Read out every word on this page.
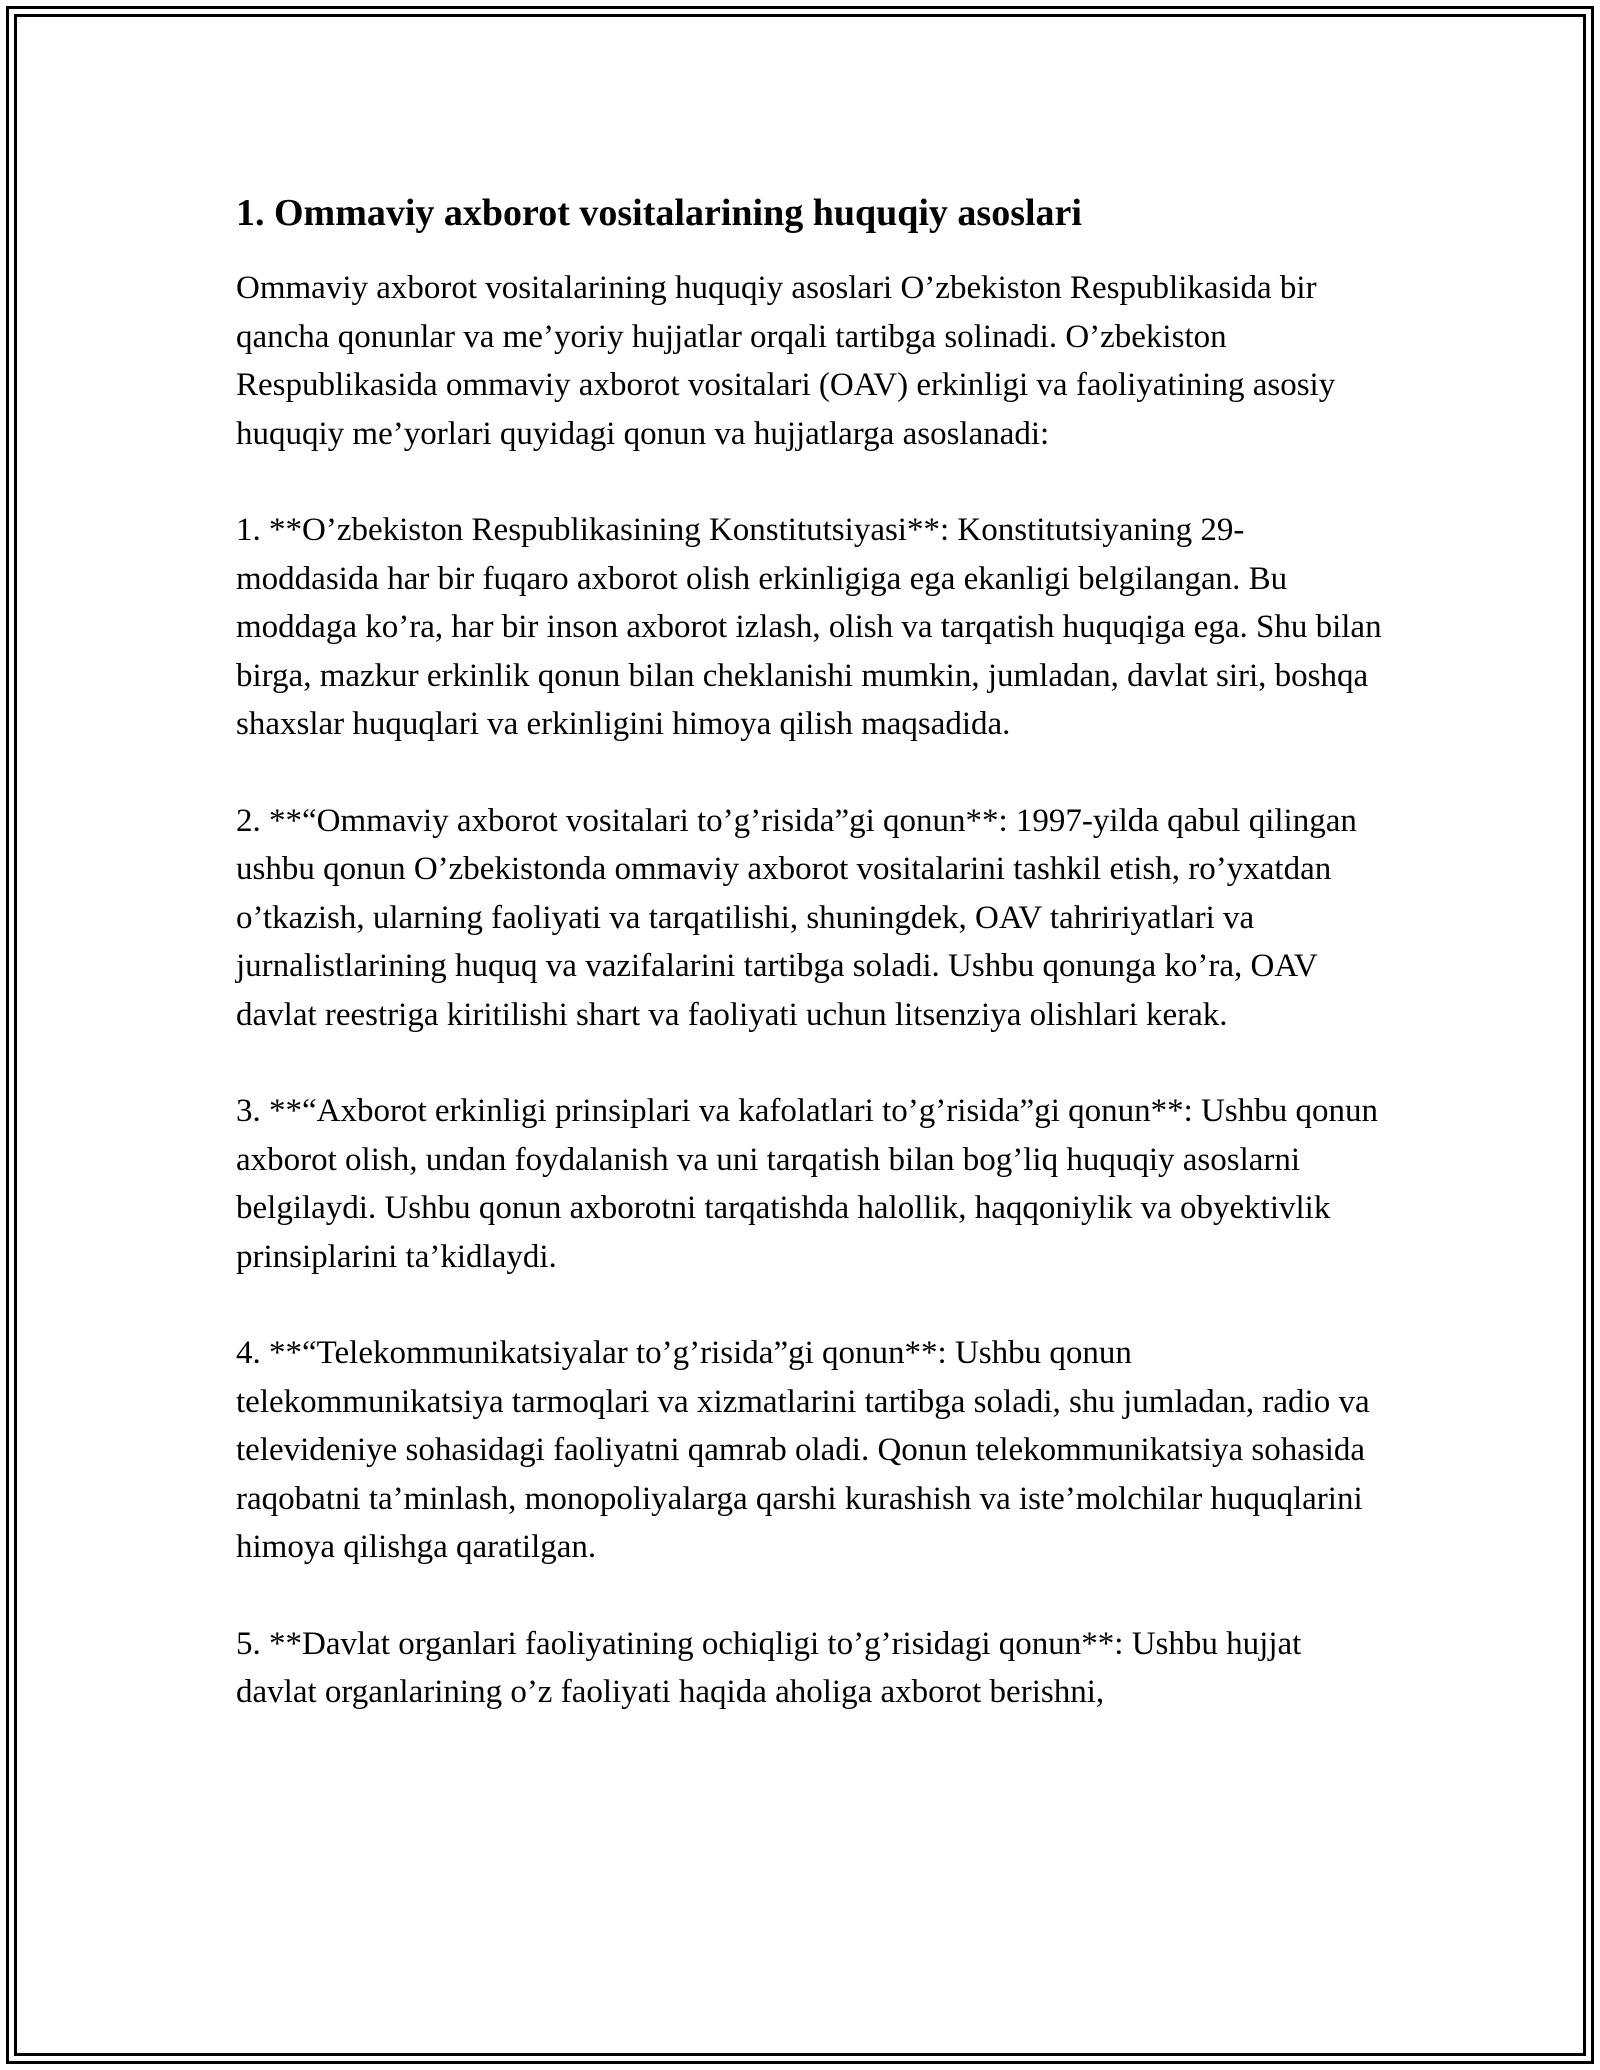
1. Ommaviy axborot vositalarining huquqiy asoslari

Ommaviy axborot vositalarining huquqiy asoslari O’zbekiston Respublikasida bir qancha qonunlar va me’yoriy hujjatlar orqali tartibga solinadi. O’zbekiston Respublikasida ommaviy axborot vositalari (OAV) erkinligi va faoliyatining asosiy huquqiy me’yorlari quyidagi qonun va hujjatlarga asoslanadi:

1. **O’zbekiston Respublikasining Konstitutsiyasi**: Konstitutsiyaning 29-moddasida har bir fuqaro axborot olish erkinligiga ega ekanligi belgilangan. Bu moddaga ko’ra, har bir inson axborot izlash, olish va tarqatish huquqiga ega. Shu bilan birga, mazkur erkinlik qonun bilan cheklanishi mumkin, jumladan, davlat siri, boshqa shaxslar huquqlari va erkinligini himoya qilish maqsadida.

2. **“Ommaviy axborot vositalari to’g’risida”gi qonun**: 1997-yilda qabul qilingan ushbu qonun O’zbekistonda ommaviy axborot vositalarini tashkil etish, ro’yxatdan o’tkazish, ularning faoliyati va tarqatilishi, shuningdek, OAV tahririyatlari va jurnalistlarining huquq va vazifalarini tartibga soladi. Ushbu qonunga ko’ra, OAV davlat reestriga kiritilishi shart va faoliyati uchun litsenziya olishlari kerak.

3. **“Axborot erkinligi prinsiplari va kafolatlari to’g’risida”gi qonun**: Ushbu qonun axborot olish, undan foydalanish va uni tarqatish bilan bog’liq huquqiy asoslarni belgilaydi. Ushbu qonun axborotni tarqatishda halollik, haqqoniylik va obyektivlik prinsiplarini ta’kidlaydi.

4. **“Telekommunikatsiyalar to’g’risida”gi qonun**: Ushbu qonun telekommunikatsiya tarmoqlari va xizmatlarini tartibga soladi, shu jumladan, radio va televideniye sohasidagi faoliyatni qamrab oladi. Qonun telekommunikatsiya sohasida raqobatni ta’minlash, monopoliyalarga qarshi kurashish va iste’molchilar huquqlarini himoya qilishga qaratilgan.

5. **Davlat organlari faoliyatining ochiqligi to’g’risidagi qonun**: Ushbu hujjat davlat organlarining o’z faoliyati haqida aholiga axborot berishni,
